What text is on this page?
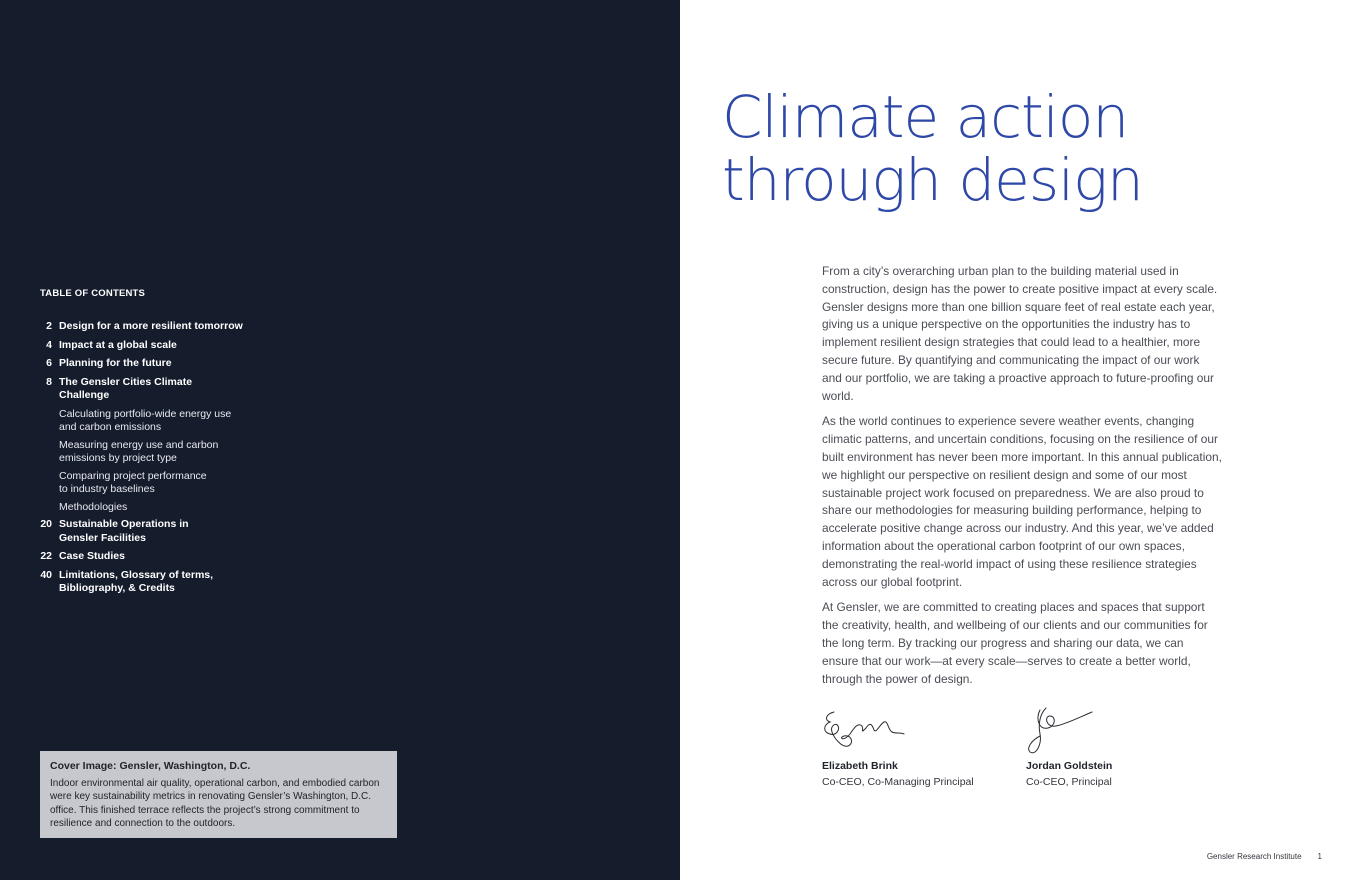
TABLE OF CONTENTS
2 Design for a more resilient tomorrow
4 Impact at a global scale
6 Planning for the future
8 The Gensler Cities Climate Challenge
Calculating portfolio-wide energy use
and carbon emissions
Measuring energy use and carbon
emissions by project type
Comparing project performance
to industry baselines
Methodologies
20 Sustainable Operations in
Gensler Facilities
22 Case Studies
40 Limitations, Glossary of terms,
Bibliography, & Credits
Cover Image: Gensler, Washington, D.C.
Indoor environmental air quality, operational carbon, and embodied carbon were key sustainability metrics in renovating Gensler’s Washington, D.C. office. This finished terrace reflects the project’s strong commitment to resilience and connection to the outdoors.
Climate action
through design

From a city’s overarching urban plan to the building material used in construction, design has the power to create positive impact at every scale. Gensler designs more than one billion square feet of real estate each year, giving us a unique perspective on the opportunities the industry has to implement resilient design strategies that could lead to a healthier, more secure future. By quantifying and communicating the impact of our work and our portfolio, we are taking a proactive approach to future-proofing our world.

As the world continues to experience severe weather events, changing climatic patterns, and uncertain conditions, focusing on the resilience of our built environment has never been more important. In this annual publication, we highlight our perspective on resilient design and some of our most sustainable project work focused on preparedness. We are also proud to share our methodologies for measuring building performance, helping to accelerate positive change across our industry. And this year, we’ve added information about the operational carbon footprint of our own spaces, demonstrating the real-world impact of using these resilience strategies across our global footprint.

At Gensler, we are committed to creating places and spaces that support the creativity, health, and wellbeing of our clients and our communities for the long term. By tracking our progress and sharing our data, we can ensure that our work—at every scale—serves to create a better world, through the power of design.

Elizabeth Brink
Co-CEO, Co-Managing Principal
Jordan Goldstein
Co-CEO, Principal
Gensler Research Institute 1
